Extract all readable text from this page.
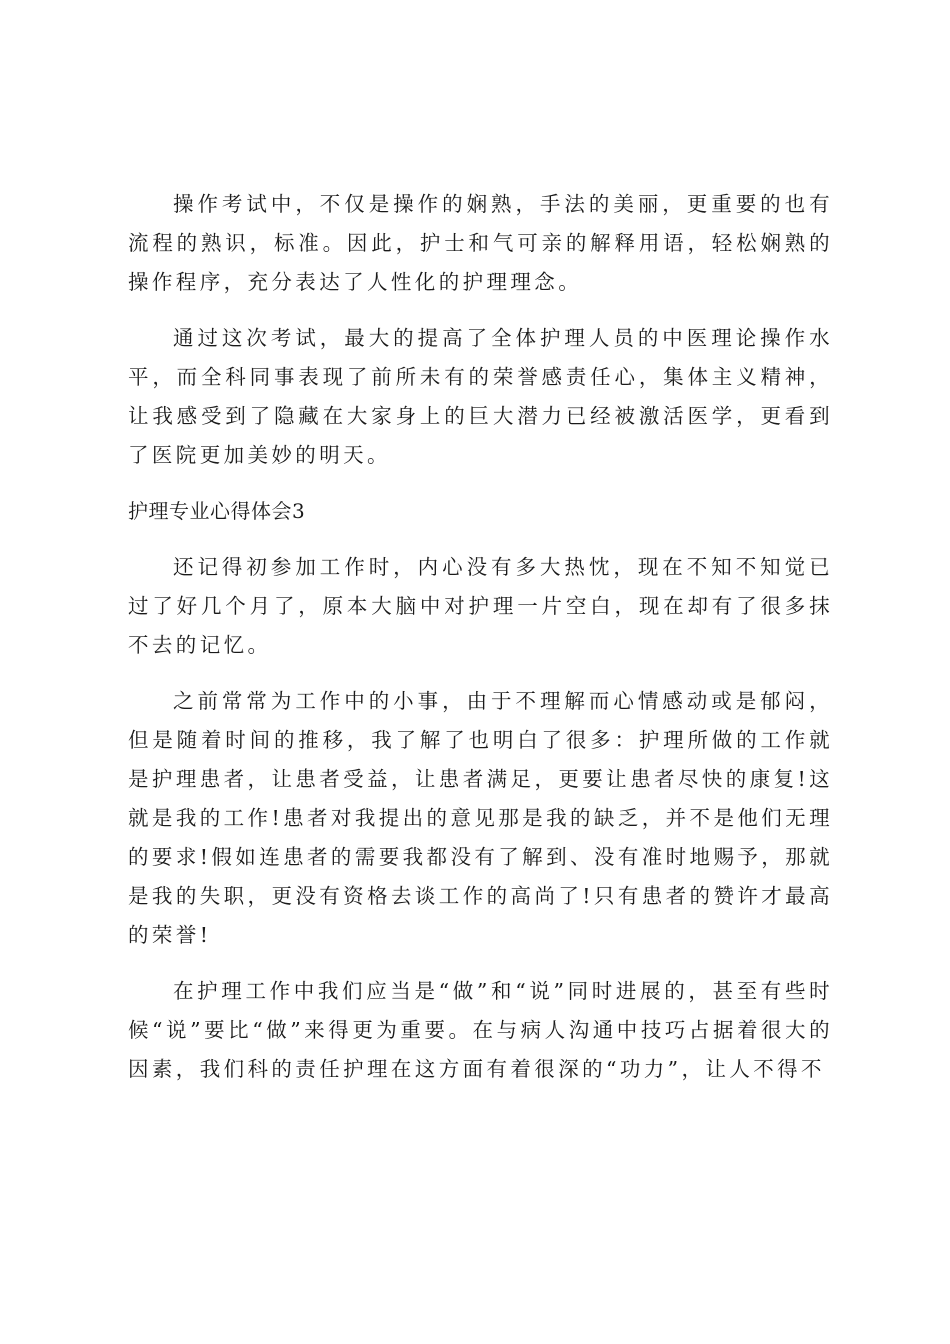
操作考试中，不仅是操作的娴熟，手法的美丽，更重要的也有流程的熟识，标准。因此，护士和气可亲的解释用语，轻松娴熟的操作程序，充分表达了人性化的护理理念。

通过这次考试，最大的提高了全体护理人员的中医理论操作水平，而全科同事表现了前所未有的荣誉感责任心，集体主义精神，让我感受到了隐藏在大家身上的巨大潜力已经被激活医学，更看到了医院更加美妙的明天。

护理专业心得体会3

还记得初参加工作时，内心没有多大热忱，现在不知不知觉已过了好几个月了，原本大脑中对护理一片空白，现在却有了很多抹不去的记忆。

之前常常为工作中的小事，由于不理解而心情感动或是郁闷，但是随着时间的推移，我了解了也明白了很多：护理所做的工作就是护理患者，让患者受益，让患者满足，更要让患者尽快的康复!这就是我的工作!患者对我提出的意见那是我的缺乏，并不是他们无理的要求!假如连患者的需要我都没有了解到、没有准时地赐予，那就是我的失职，更没有资格去谈工作的高尚了!只有患者的赞许才最高的荣誉!

在护理工作中我们应当是“做”和“说”同时进展的，甚至有些时候“说”要比“做”来得更为重要。在与病人沟通中技巧占据着很大的因素，我们科的责任护理在这方面有着很深的“功力”，让人不得不
